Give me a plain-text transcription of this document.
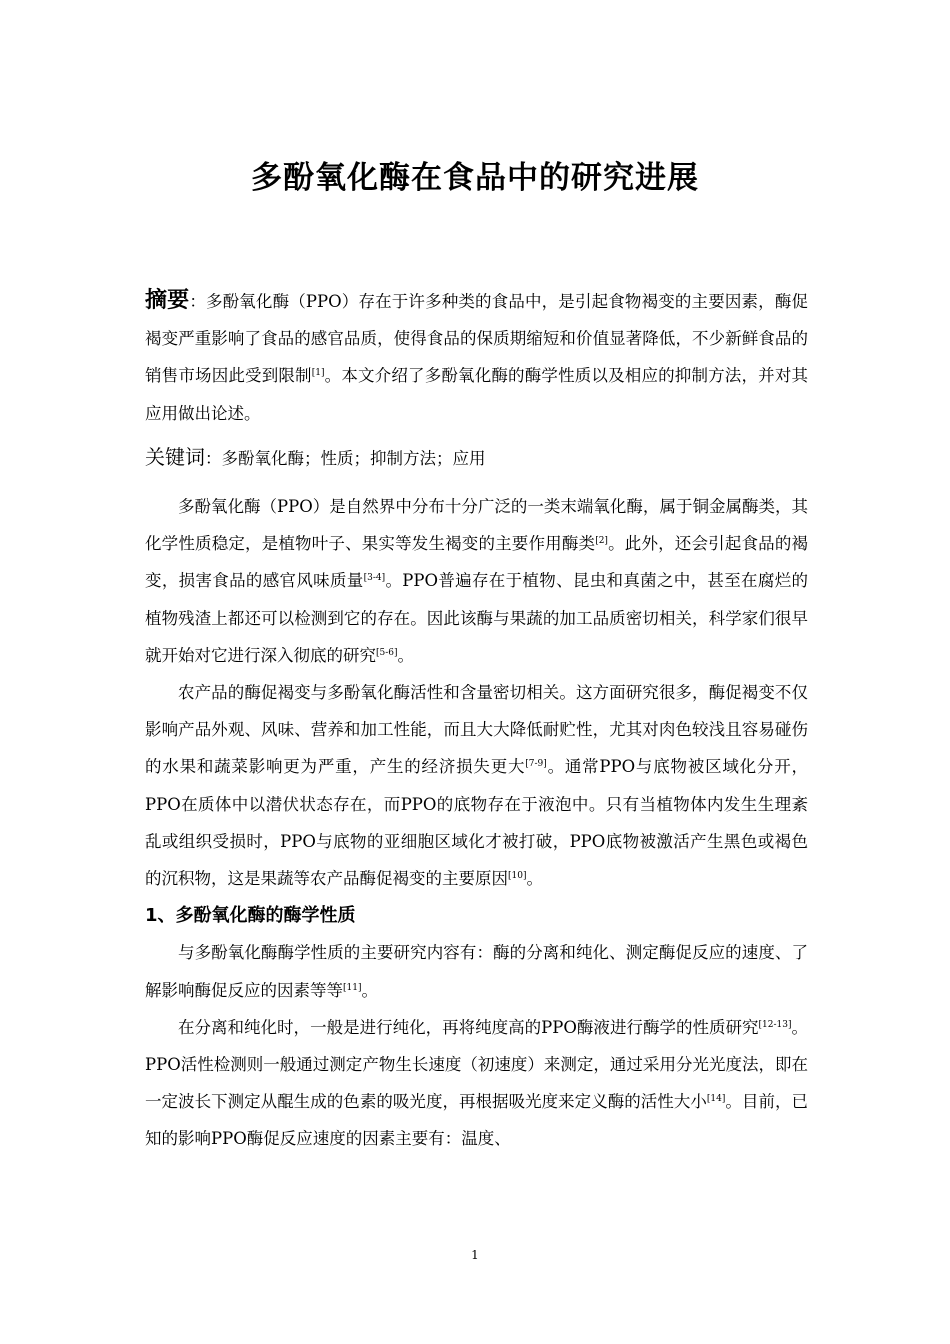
多酚氧化酶在食品中的研究进展

摘要：多酚氧化酶（PPO）存在于许多种类的食品中，是引起食物褐变的主要因素，酶促褐变严重影响了食品的感官品质，使得食品的保质期缩短和价值显著降低，不少新鲜食品的销售市场因此受到限制[1]。本文介绍了多酚氧化酶的酶学性质以及相应的抑制方法，并对其应用做出论述。

关键词：多酚氧化酶；性质；抑制方法；应用

多酚氧化酶（PPO）是自然界中分布十分广泛的一类末端氧化酶，属于铜金属酶类，其化学性质稳定，是植物叶子、果实等发生褐变的主要作用酶类[2]。此外，还会引起食品的褐变，损害食品的感官风味质量[3-4]。PPO普遍存在于植物、昆虫和真菌之中，甚至在腐烂的植物残渣上都还可以检测到它的存在。因此该酶与果蔬的加工品质密切相关，科学家们很早就开始对它进行深入彻底的研究[5-6]。

农产品的酶促褐变与多酚氧化酶活性和含量密切相关。这方面研究很多，酶促褐变不仅影响产品外观、风味、营养和加工性能，而且大大降低耐贮性，尤其对肉色较浅且容易碰伤的水果和蔬菜影响更为严重，产生的经济损失更大[7-9]。通常PPO与底物被区域化分开，PPO在质体中以潜伏状态存在，而PPO的底物存在于液泡中。只有当植物体内发生生理紊乱或组织受损时，PPO与底物的亚细胞区域化才被打破，PPO底物被激活产生黑色或褐色的沉积物，这是果蔬等农产品酶促褐变的主要原因[10]。

1、多酚氧化酶的酶学性质

与多酚氧化酶酶学性质的主要研究内容有：酶的分离和纯化、测定酶促反应的速度、了解影响酶促反应的因素等等[11]。

在分离和纯化时，一般是进行纯化，再将纯度高的PPO酶液进行酶学的性质研究[12-13]。PPO活性检测则一般通过测定产物生长速度（初速度）来测定，通过采用分光光度法，即在一定波长下测定从醌生成的色素的吸光度，再根据吸光度来定义酶的活性大小[14]。目前，已知的影响PPO酶促反应速度的因素主要有：温度、

1
